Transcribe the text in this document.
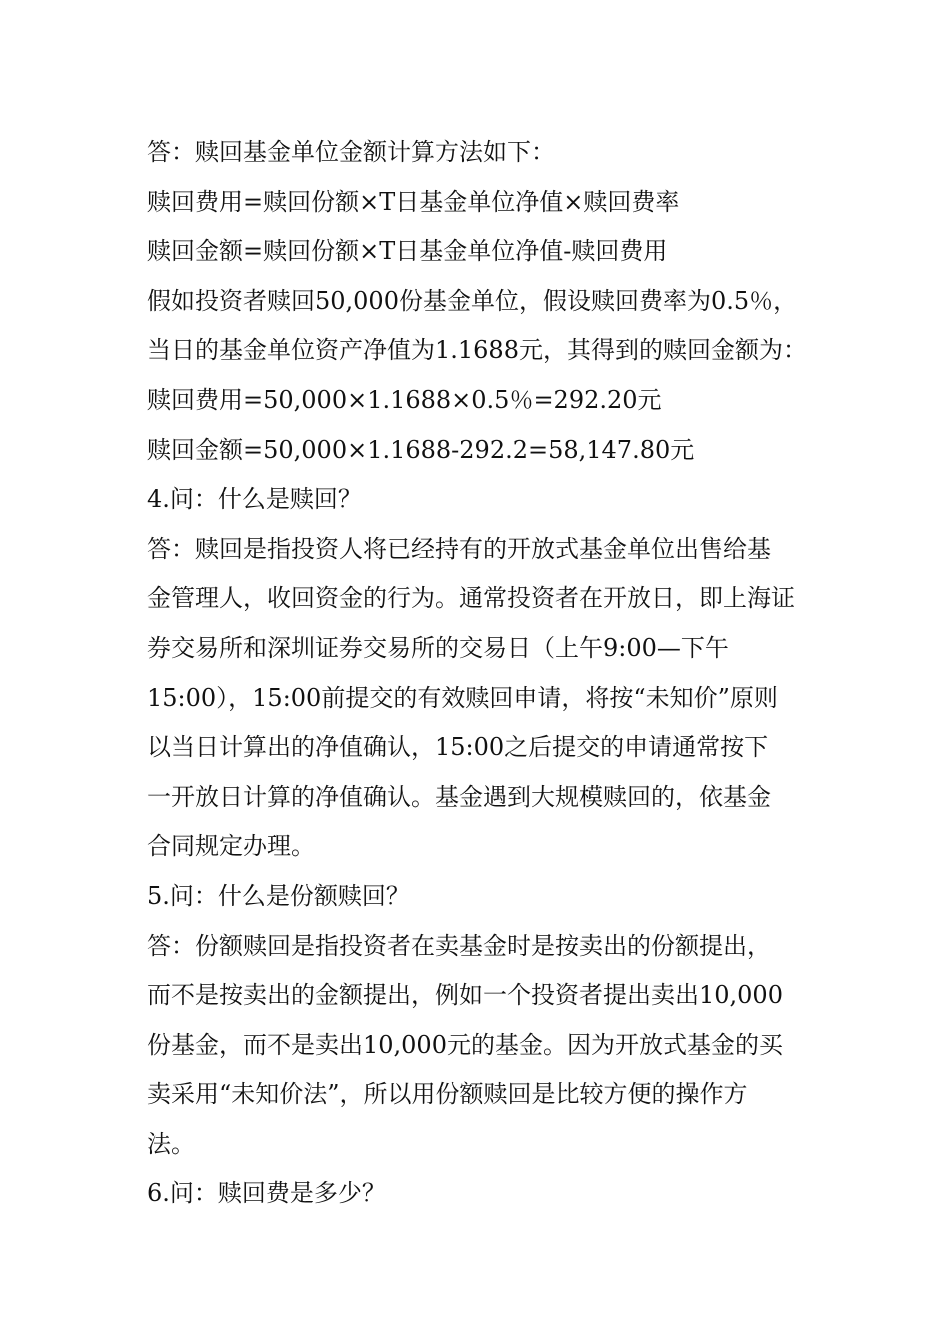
答：赎回基金单位金额计算方法如下：
赎回费用=赎回份额×T日基金单位净值×赎回费率
赎回金额=赎回份额×T日基金单位净值-赎回费用
假如投资者赎回50,000份基金单位，假设赎回费率为0.5％，
当日的基金单位资产净值为1.1688元，其得到的赎回金额为：
赎回费用=50,000×1.1688×0.5％=292.20元
赎回金额=50,000×1.1688-292.2=58,147.80元
4.问：什么是赎回？
答：赎回是指投资人将已经持有的开放式基金单位出售给基
金管理人，收回资金的行为。通常投资者在开放日，即上海证
券交易所和深圳证券交易所的交易日（上午9:00—下午
15:00），15:00前提交的有效赎回申请，将按“未知价”原则
以当日计算出的净值确认，15:00之后提交的申请通常按下
一开放日计算的净值确认。基金遇到大规模赎回的，依基金
合同规定办理。
5.问：什么是份额赎回？
答：份额赎回是指投资者在卖基金时是按卖出的份额提出，
而不是按卖出的金额提出，例如一个投资者提出卖出10,000
份基金，而不是卖出10,000元的基金。因为开放式基金的买
卖采用“未知价法”，所以用份额赎回是比较方便的操作方
法。
6.问：赎回费是多少？
